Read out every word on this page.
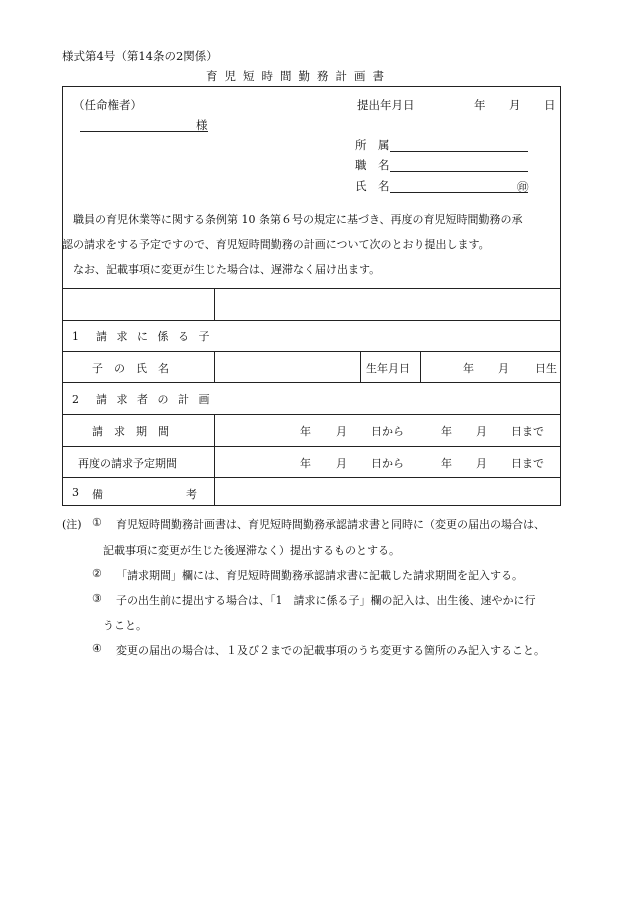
様式第4号（第14条の2関係）
育児短時間勤務計画書
（任命権者）
様
提出年月日	年 月 日
所　属
職　名
氏　名	㊞
職員の育児休業等に関する条例第 10 条第６号の規定に基づき、再度の育児短時間勤務の承
認の請求をする予定ですので、育児短時間勤務の計画について次のとおり提出します。
なお、記載事項に変更が生じた場合は、遅滞なく届け出ます。
1　請 求 に 係 る 子
子　の　氏　名	生年月日	年 月 日生
2　請 求 者 の 計 画
請　求　期　間	年 月 日から	年 月 日まで
再度の請求予定期間	年 月 日から	年 月 日まで
3 備	考
(注) ① 育児短時間勤務計画書は、育児短時間勤務承認請求書と同時に（変更の届出の場合は、
記載事項に変更が生じた後遅滞なく）提出するものとする。
② 「請求期間」欄には、育児短時間勤務承認請求書に記載した請求期間を記入する。
③ 子の出生前に提出する場合は、「1　請求に係る子」欄の記入は、出生後、速やかに行
うこと。
④ 変更の届出の場合は、１及び２までの記載事項のうち変更する箇所のみ記入すること。
